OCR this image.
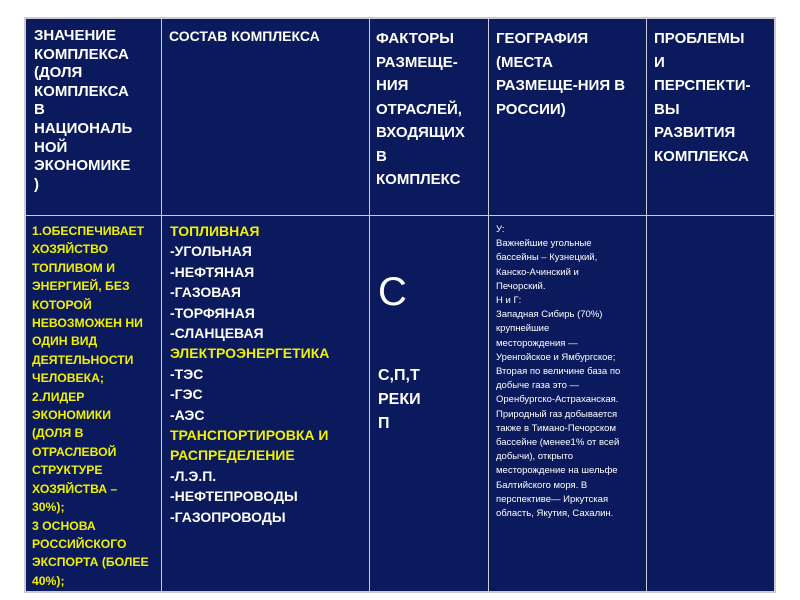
ЗНАЧЕНИЕ
КОМПЛЕКСА
(ДОЛЯ
КОМПЛЕКСА
В
НАЦИОНАЛЬ
НОЙ
ЭКОНОМИКЕ
)
СОСТАВ КОМПЛЕКСА	ФАКТОРЫ
РАЗМЕЩЕ-
НИЯ
ОТРАСЛЕЙ,
ВХОДЯЩИХ
В
КОМПЛЕКС
ГЕОГРАФИЯ
(МЕСТА
РАЗМЕЩЕ-НИЯ В
РОССИИ)
ПРОБЛЕМЫ
И
ПЕРСПЕКТИ-
ВЫ
РАЗВИТИЯ
КОМПЛЕКСА
1.ОБЕСПЕЧИВАЕТ
ХОЗЯЙСТВО
ТОПЛИВОМ И
ЭНЕРГИЕЙ, БЕЗ
КОТОРОЙ
НЕВОЗМОЖЕН НИ
ОДИН ВИД
ДЕЯТЕЛЬНОСТИ
ЧЕЛОВЕКА;
2.ЛИДЕР
ЭКОНОМИКИ
(ДОЛЯ В
ОТРАСЛЕВОЙ
СТРУКТУРЕ
ХОЗЯЙСТВА –
30%);
3 ОСНОВА
РОССИЙСКОГО
ЭКСПОРТА (БОЛЕЕ
40%);
ТОПЛИВНАЯ
-УГОЛЬНАЯ
-НЕФТЯНАЯ
-ГАЗОВАЯ
-ТОРФЯНАЯ
-СЛАНЦЕВАЯ
ЭЛЕКТРОЭНЕРГЕТИКА
-ТЭС
-ГЭС
-АЭС
ТРАНСПОРТИРОВКА И
РАСПРЕДЕЛЕНИЕ
-Л.Э.П.
-НЕФТЕПРОВОДЫ
-ГАЗОПРОВОДЫ
С
С,П,Т
РЕКИ
П
У:
Важнейшие угольные
бассейны – Кузнецкий,
Канско-Ачинский и
Печорский.
Н и Г:
Западная Сибирь (70%)
крупнейшие
месторождения —
Уренгойское и Ямбургское;
Вторая по величине база по
добыче газа это —
Оренбургско-Астраханская.
Природный газ добывается
также в Тимано-Печорском
бассейне (менее1% от всей
добычи), открыто
месторождение на шельфе
Балтийского моря. В
перспективе— Иркутская
область, Якутия, Сахалин.
